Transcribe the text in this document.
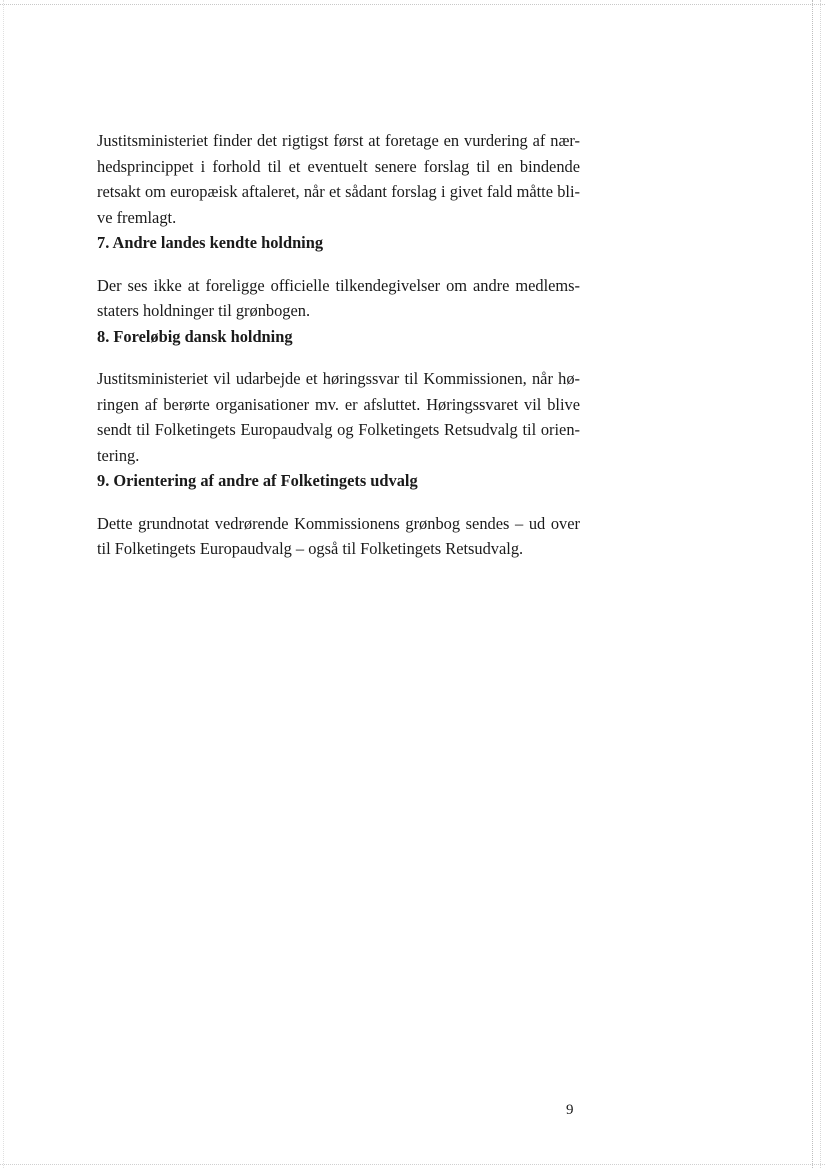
Justitsministeriet finder det rigtigst først at foretage en vurdering af nær-
hedsprincippet i forhold til et eventuelt senere forslag til en bindende
retsakt om europæisk aftaleret, når et sådant forslag i givet fald måtte bli-
ve fremlagt.

7. Andre landes kendte holdning

Der ses ikke at foreligge officielle tilkendegivelser om andre medlems-
staters holdninger til grønbogen.

8. Foreløbig dansk holdning

Justitsministeriet vil udarbejde et høringssvar til Kommissionen, når hø-
ringen af berørte organisationer mv. er afsluttet. Høringssvaret vil blive
sendt til Folketingets Europaudvalg og Folketingets Retsudvalg til orien-
tering.

9. Orientering af andre af Folketingets udvalg

Dette grundnotat vedrørende Kommissionens grønbog sendes – ud over
til Folketingets Europaudvalg – også til Folketingets Retsudvalg.

9
